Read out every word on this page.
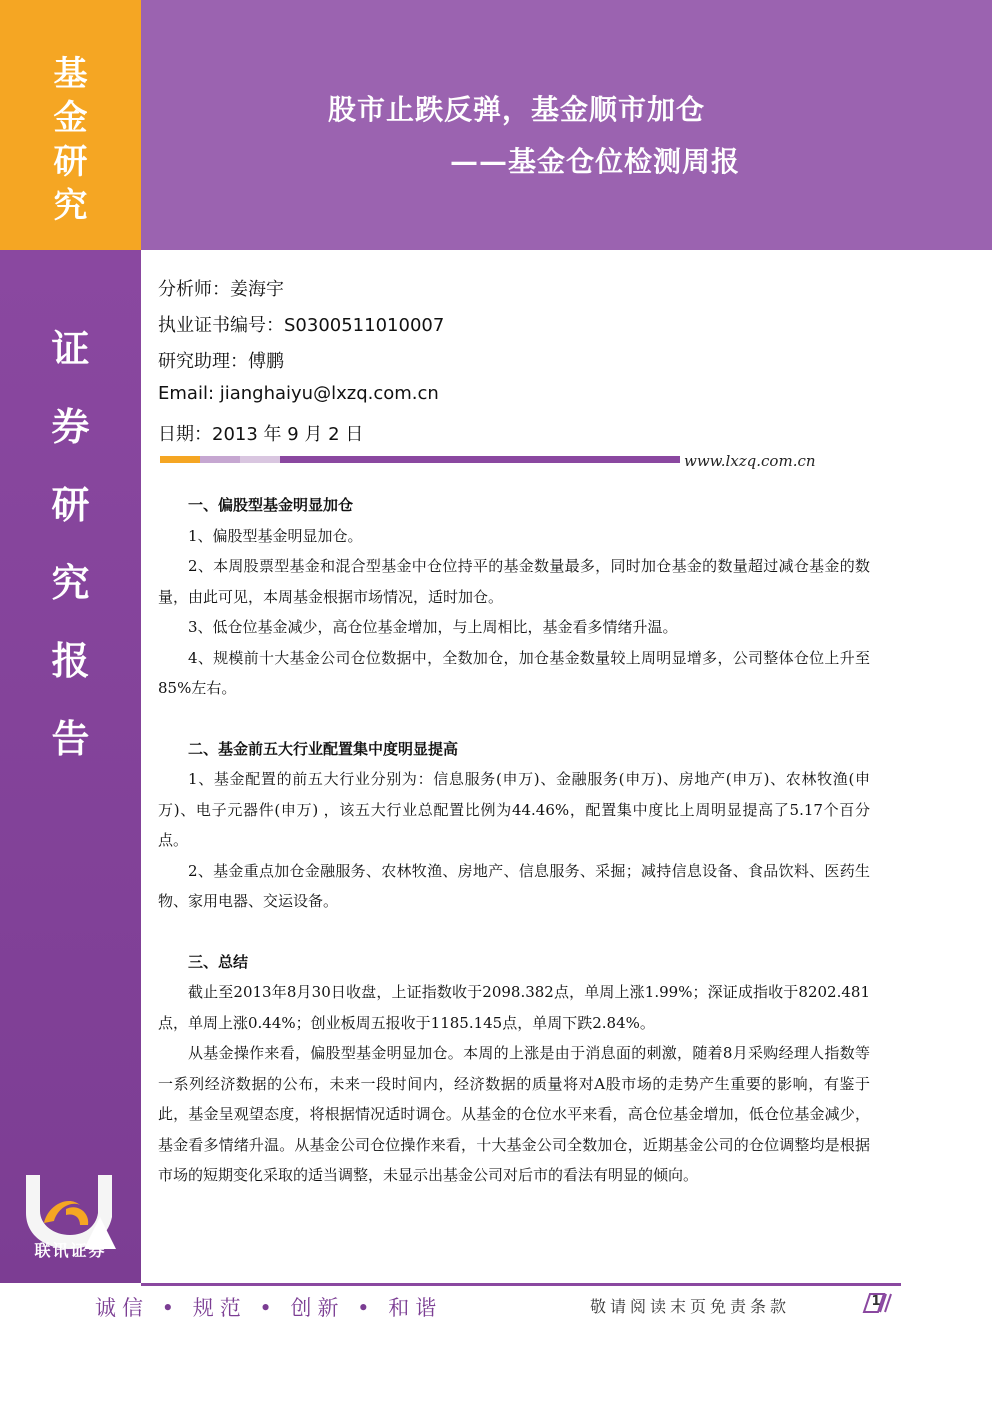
基
金
研
究
证
券
研
究
报
告
股市止跌反弹，基金顺市加仓
——基金仓位检测周报
分析师：姜海宇
执业证书编号：S0300511010007
研究助理：傅鹏
Email: jianghaiyu@lxzq.com.cn
日期：2013 年 9 月 2 日
www.lxzq.com.cn
一、偏股型基金明显加仓

1、偏股型基金明显加仓。

2、本周股票型基金和混合型基金中仓位持平的基金数量最多，同时加仓基金的数量超过减仓基金的数量，由此可见，本周基金根据市场情况，适时加仓。

3、低仓位基金减少，高仓位基金增加，与上周相比，基金看多情绪升温。

4、规模前十大基金公司仓位数据中，全数加仓，加仓基金数量较上周明显增多，公司整体仓位上升至85%左右。

二、基金前五大行业配置集中度明显提高

1、基金配置的前五大行业分别为：信息服务(申万)、金融服务(申万)、房地产(申万)、农林牧渔(申万)、电子元器件(申万) ，该五大行业总配置比例为44.46%，配置集中度比上周明显提高了5.17个百分点。

2、基金重点加仓金融服务、农林牧渔、房地产、信息服务、采掘；减持信息设备、食品饮料、医药生物、家用电器、交运设备。

三、总结

截止至2013年8月30日收盘，上证指数收于2098.382点，单周上涨1.99%；深证成指收于8202.481点，单周上涨0.44%；创业板周五报收于1185.145点，单周下跌2.84%。

从基金操作来看，偏股型基金明显加仓。本周的上涨是由于消息面的刺激，随着8月采购经理人指数等一系列经济数据的公布，未来一段时间内，经济数据的质量将对A股市场的走势产生重要的影响，有鉴于此，基金呈观望态度，将根据情况适时调仓。从基金的仓位水平来看，高仓位基金增加，低仓位基金减少，基金看多情绪升温。从基金公司仓位操作来看，十大基金公司全数加仓，近期基金公司的仓位调整均是根据市场的短期变化采取的适当调整，未显示出基金公司对后市的看法有明显的倾向。

联讯证券
诚信 • 规范 • 创新 • 和谐	敬请阅读末页免责条款	1
